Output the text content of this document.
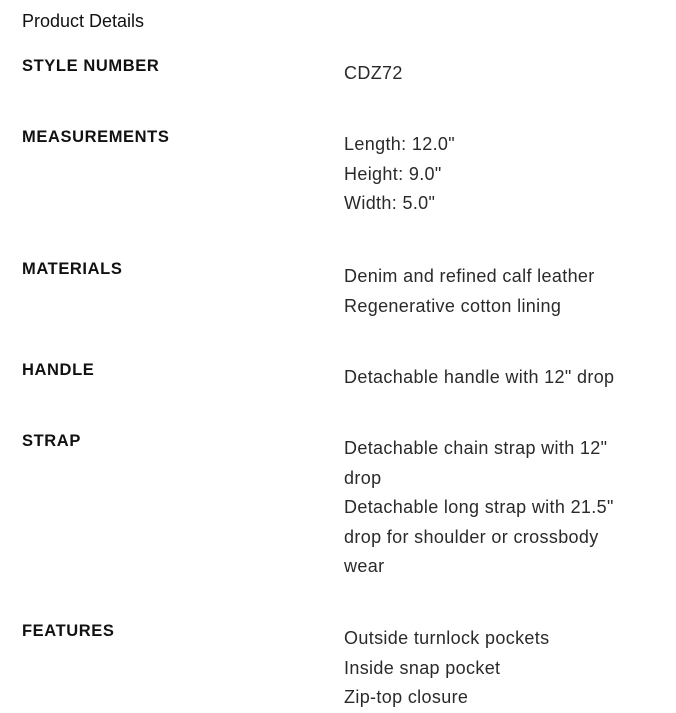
Product Details
STYLE NUMBER	CDZ72
MEASUREMENTS	Length: 12.0"
Height: 9.0"
Width: 5.0"
MATERIALS	Denim and refined calf leather
Regenerative cotton lining
HANDLE	Detachable handle with 12" drop
STRAP	Detachable chain strap with 12"
drop
Detachable long strap with 21.5"
drop for shoulder or crossbody
wear
FEATURES	Outside turnlock pockets
Inside snap pocket
Zip-top closure
